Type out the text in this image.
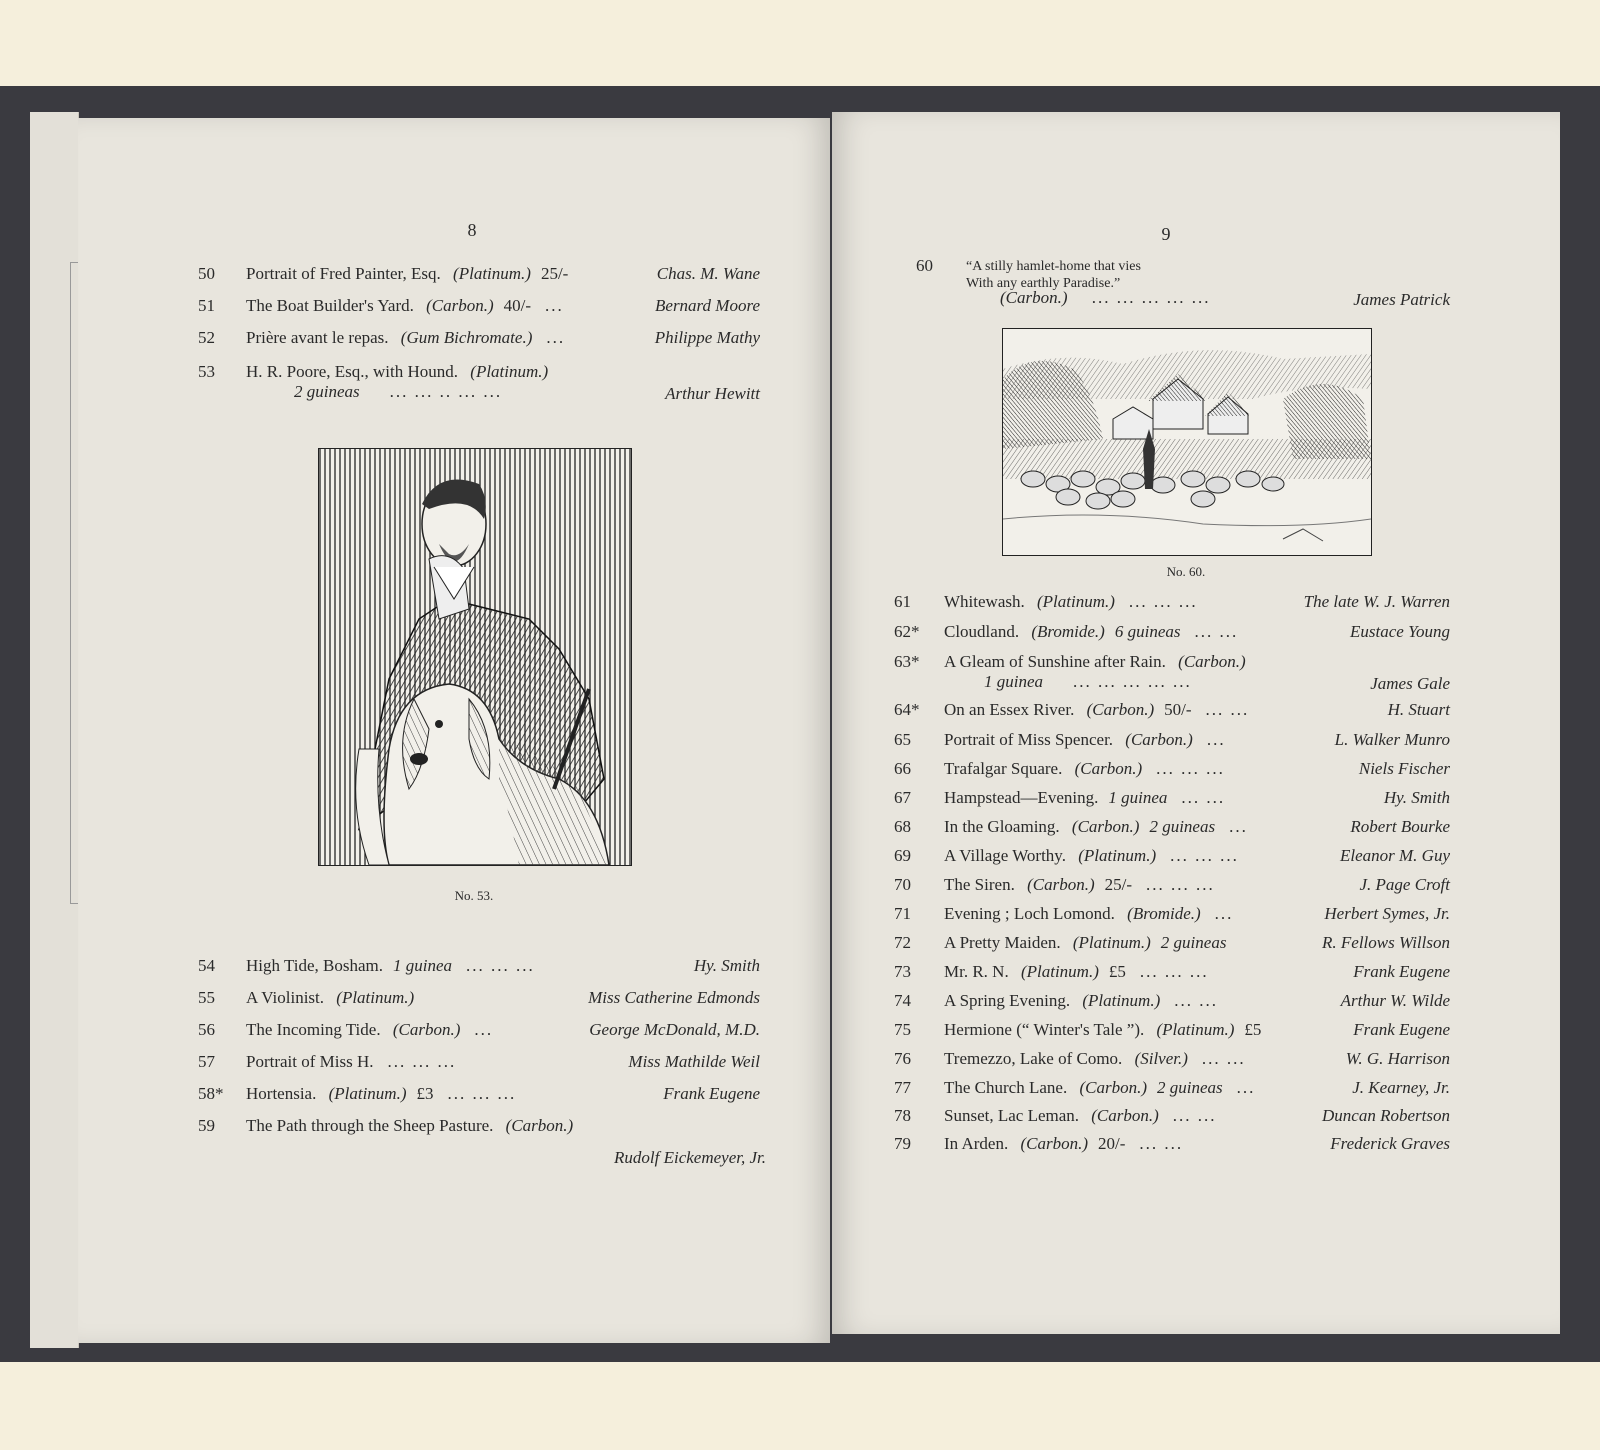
8
50 Portrait of Fred Painter, Esq. (Platinum.) 25/-	Chas. M. Wane
51 The Boat Builder's Yard. (Carbon.) 40/- ...	Bernard Moore
52 Prière avant le repas. (Gum Bichromate.) ...	Philippe Mathy
53 H. R. Poore, Esq., with Hound. (Platinum.)
2 guineas ... ... .. ... ...	Arthur Hewitt
54 High Tide, Bosham. 1 guinea ... ... ...	Hy. Smith
55 A Violinist. (Platinum.)	Miss Catherine Edmonds
56 The Incoming Tide. (Carbon.) ...	George McDonald, M.D.
57 Portrait of Miss H. ... ... ...	Miss Mathilde Weil
58* Hortensia. (Platinum.) £3 ... ... ...	Frank Eugene
59 The Path through the Sheep Pasture. (Carbon.)
Rudolf Eickemeyer, Jr.
No. 53.
9
60 “A stilly hamlet-home that vies
With any earthly Paradise.”
(Carbon.) ... ... ... ... ...	James Patrick
No. 60.
61 Whitewash. (Platinum.) ... ... ...	The late W. J. Warren
62* Cloudland. (Bromide.) 6 guineas ... ...	Eustace Young
63* A Gleam of Sunshine after Rain. (Carbon.)
1 guinea ... ... ... ... ...	James Gale
64* On an Essex River. (Carbon.) 50/- ... ...	H. Stuart
65 Portrait of Miss Spencer. (Carbon.) ...	L. Walker Munro
66 Trafalgar Square. (Carbon.) ... ... ...	Niels Fischer
67 Hampstead—Evening. 1 guinea ... ...	Hy. Smith
68 In the Gloaming. (Carbon.) 2 guineas ...	Robert Bourke
69 A Village Worthy. (Platinum.) ... ... ...	Eleanor M. Guy
70 The Siren. (Carbon.) 25/- ... ... ...	J. Page Croft
71 Evening ; Loch Lomond. (Bromide.) ...	Herbert Symes, Jr.
72 A Pretty Maiden. (Platinum.) 2 guineas	R. Fellows Willson
73 Mr. R. N. (Platinum.) £5 ... ... ...	Frank Eugene
74 A Spring Evening. (Platinum.) ... ...	Arthur W. Wilde
75 Hermione (“ Winter's Tale ”). (Platinum.) £5	Frank Eugene
76 Tremezzo, Lake of Como. (Silver.) ... ...	W. G. Harrison
77 The Church Lane. (Carbon.) 2 guineas ...	J. Kearney, Jr.
78 Sunset, Lac Leman. (Carbon.) ... ...	Duncan Robertson
79 In Arden. (Carbon.) 20/- ... ...	Frederick Graves
